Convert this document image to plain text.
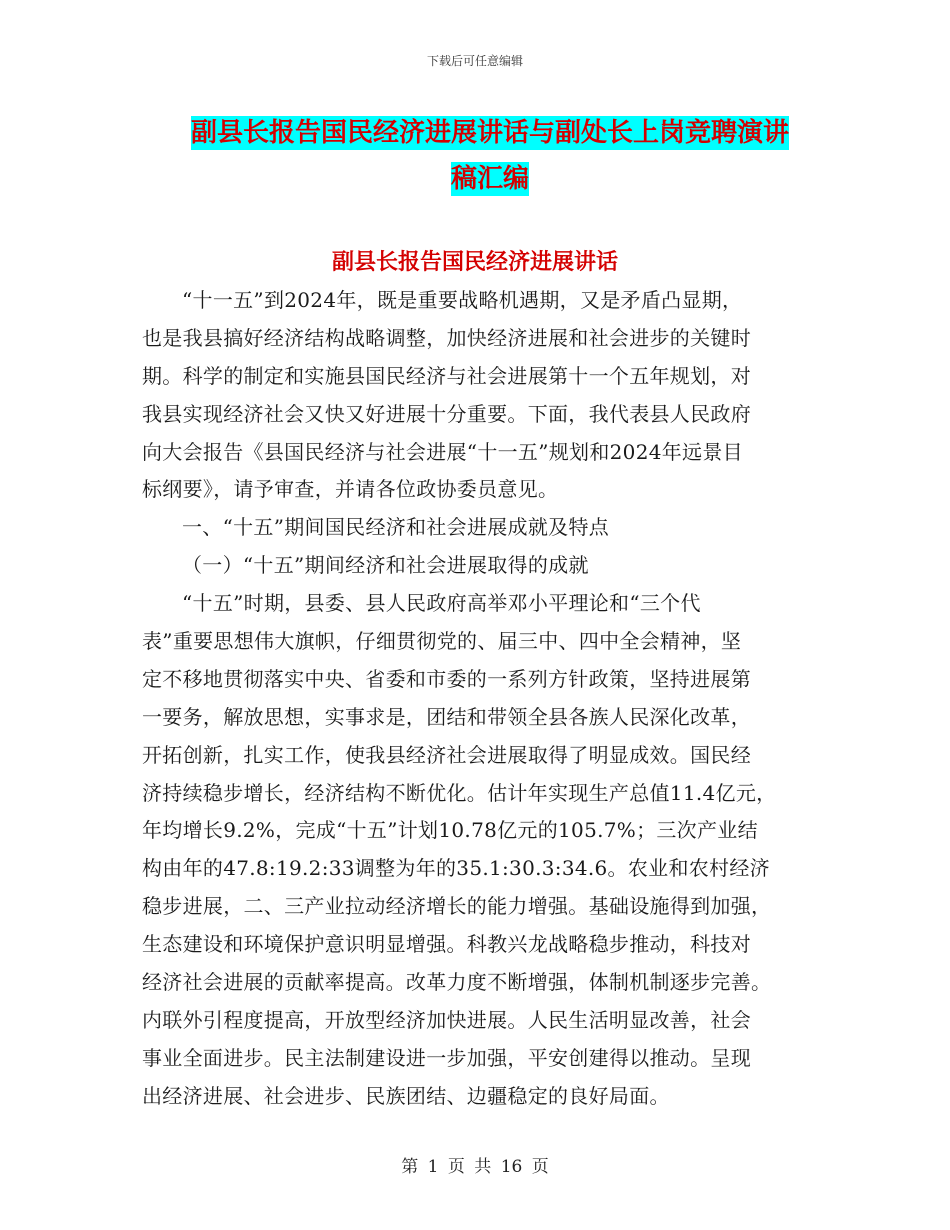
下载后可任意编辑
副县长报告国民经济进展讲话与副处长上岗竞聘演讲
稿汇编
副县长报告国民经济进展讲话
“十一五”到2024年，既是重要战略机遇期，又是矛盾凸显期，
也是我县搞好经济结构战略调整，加快经济进展和社会进步的关键时
期。科学的制定和实施县国民经济与社会进展第十一个五年规划，对
我县实现经济社会又快又好进展十分重要。下面，我代表县人民政府
向大会报告《县国民经济与社会进展“十一五”规划和2024年远景目
标纲要》，请予审查，并请各位政协委员意见。
一、“十五”期间国民经济和社会进展成就及特点
（一）“十五”期间经济和社会进展取得的成就
“十五”时期，县委、县人民政府高举邓小平理论和“三个代
表”重要思想伟大旗帜，仔细贯彻党的、届三中、四中全会精神，坚
定不移地贯彻落实中央、省委和市委的一系列方针政策，坚持进展第
一要务，解放思想，实事求是，团结和带领全县各族人民深化改革，
开拓创新，扎实工作，使我县经济社会进展取得了明显成效。国民经
济持续稳步增长，经济结构不断优化。估计年实现生产总值11.4亿元，
年均增长9.2%，完成“十五”计划10.78亿元的105.7%；三次产业结
构由年的47.8:19.2:33调整为年的35.1:30.3:34.6。农业和农村经济
稳步进展，二、三产业拉动经济增长的能力增强。基础设施得到加强，
生态建设和环境保护意识明显增强。科教兴龙战略稳步推动，科技对
经济社会进展的贡献率提高。改革力度不断增强，体制机制逐步完善。
内联外引程度提高，开放型经济加快进展。人民生活明显改善，社会
事业全面进步。民主法制建设进一步加强，平安创建得以推动。呈现
出经济进展、社会进步、民族团结、边疆稳定的良好局面。
第 1 页 共 16 页
